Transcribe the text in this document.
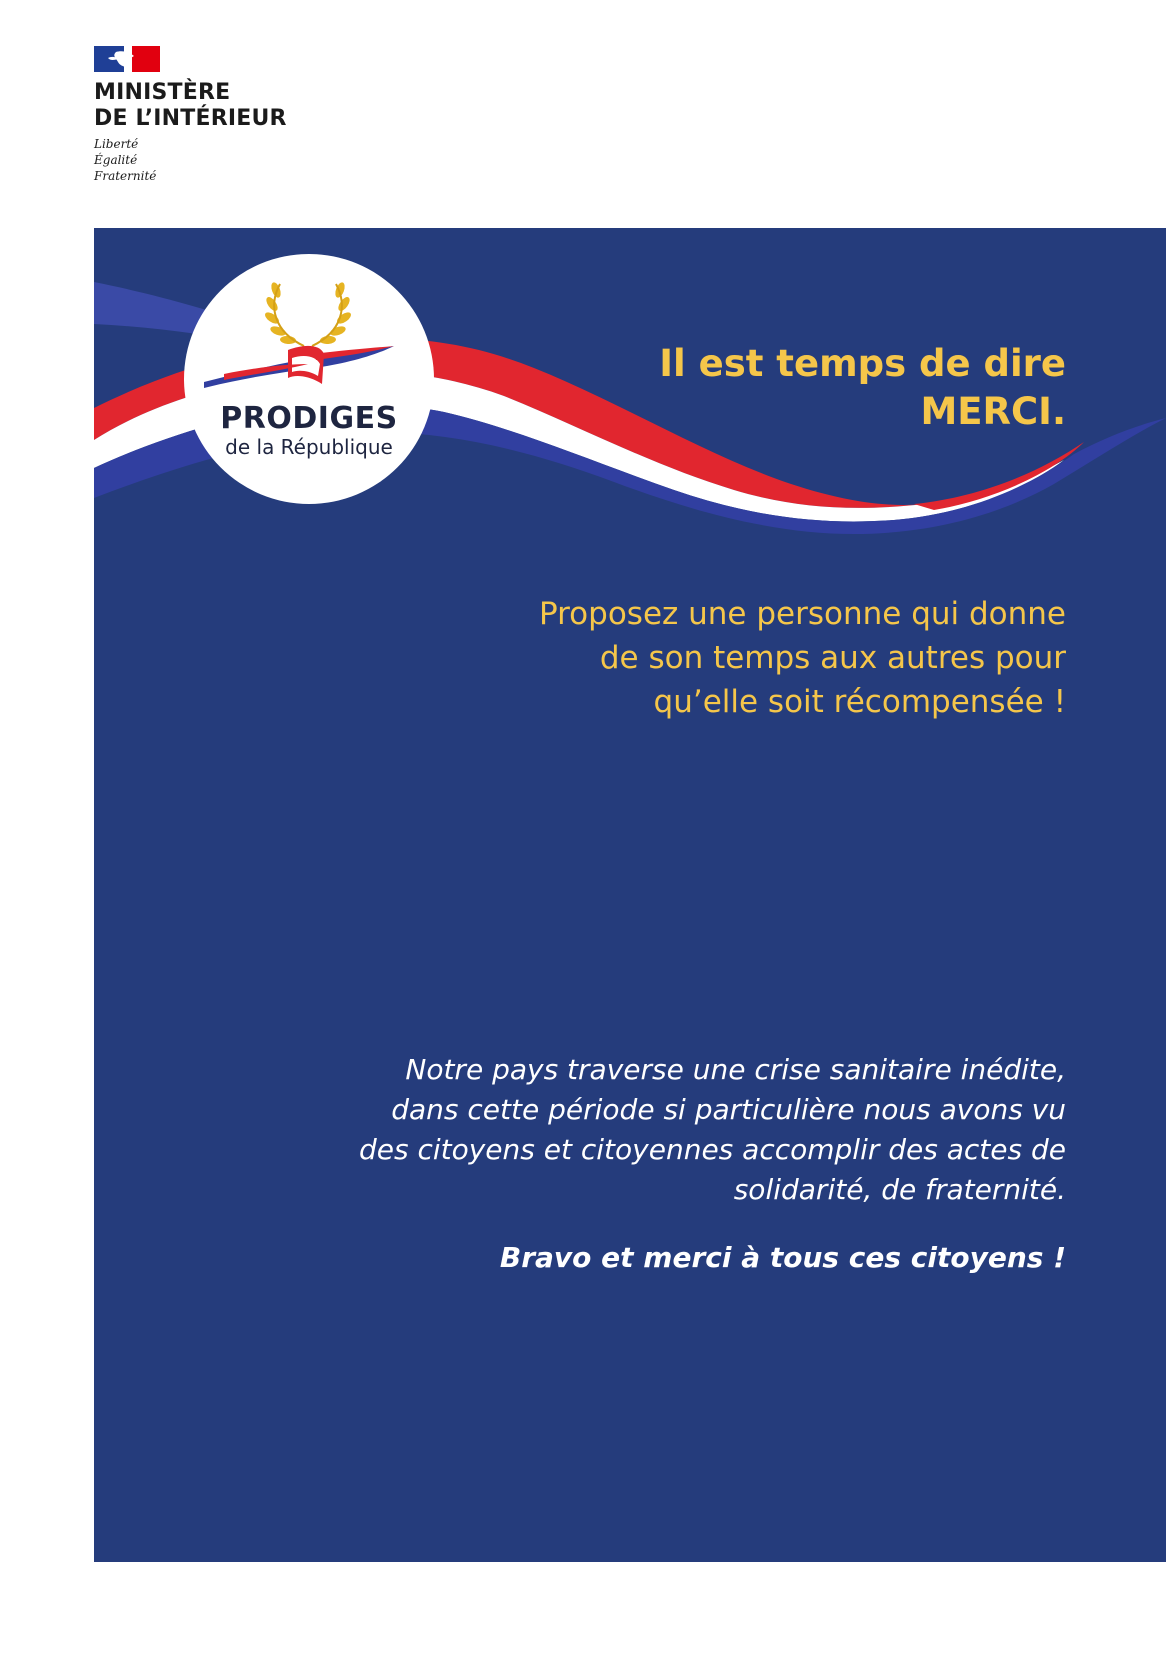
MINISTÈRE
DE L’INTÉRIEUR
Liberté
Égalité
Fraternité
PRODIGES
de la République
Il est temps de dire
MERCI.
Proposez une personne qui donne
de son temps aux autres pour
qu’elle soit récompensée !
Notre pays traverse une crise sanitaire inédite,
dans cette période si particulière nous avons vu
des citoyens et citoyennes accomplir des actes de
solidarité, de fraternité.
Bravo et merci à tous ces citoyens !
